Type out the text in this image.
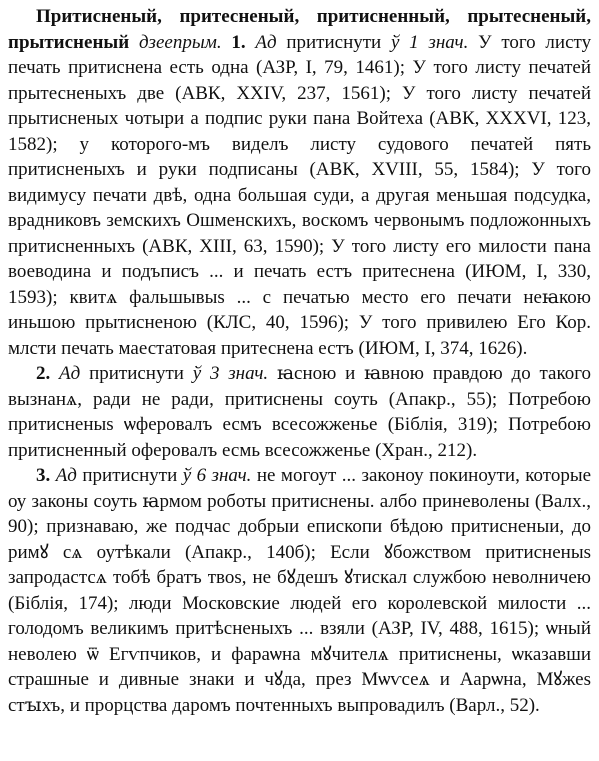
Притисненый, притесненый, притисненный, прытесненый, прытисненый дзеепрым. 1. Ад притиснути ў 1 знач. У того листу печать притиснена есть одна (АЗР, I, 79, 1461); У того листу печатей прытесненыхъ две (АВК, XXIV, 237, 1561); У того листу печатей прытисненых чотыри а подпис руки пана Войтеха (АВК, XXXVI, 123, 1582); у которого-мъ виделъ листу судового печатей пять притисненыхъ и руки подписаны (АВК, XVIII, 55, 1584); У того видимусу печати двѣ, одна большая суди, а другая меньшая подсудка, врадниковъ земскихъ Ошменскихъ, воскомъ червонымъ подложонныхъ притисненныхъ (АВК, XIII, 63, 1590); У того листу его милости пана воеводина и подъписъ ... и печать естъ притесненa (ИЮМ, I, 330, 1593); квитѧ фальшывыѕ ... с печатью место его печати неꙗкою иньшою прытисненою (КЛС, 40, 1596); У того привилею Его Кор. млсти печать маестатовая притеснена естъ (ИЮМ, I, 374, 1626).

2. Ад притиснути ў 3 знач. ꙗсною и ꙗвною правдою до такого вызнанѧ, ради не ради, притиснены соуть (Апакр., 55); Потребою притисненыѕ ѡферовалъ есмъ всесожженье (Біблія, 319); Потребою притисненный оферовалъ есмь всесожженье (Хран., 212).

3. Ад притиснути ў 6 знач. не могоут ... законоу покиноути, которые оу законы соуть ꙗрмом роботы притиснены. албо приневолены (Валх., 90); признаваю, же подчас добрыи епископи бѣдою притисненыи, до римꙋ сѧ оутѣкали (Апакр., 140б); Если ꙋбожством притисненыѕ запродастсѧ тобѣ братъ твоѕ, не бꙋдешъ ꙋтискал службою неволничею (Біблія, 174); люди Московские людей его королевской милости ... голодомъ великимъ притѣсненыхъ ... взяли (АЗР, IV, 488, 1615); ѡный неволею ѿ Егѵпчиков, и фараѡна мꙋчителѧ притиснены, ѡказавши страшные и дивные знаки и чꙋда, през Мѡѵсеѧ и Аарѡна, Мꙋжеѕ стꙑхъ, и прорцства даромъ почтенныхъ выпровадилъ (Варл., 52).
